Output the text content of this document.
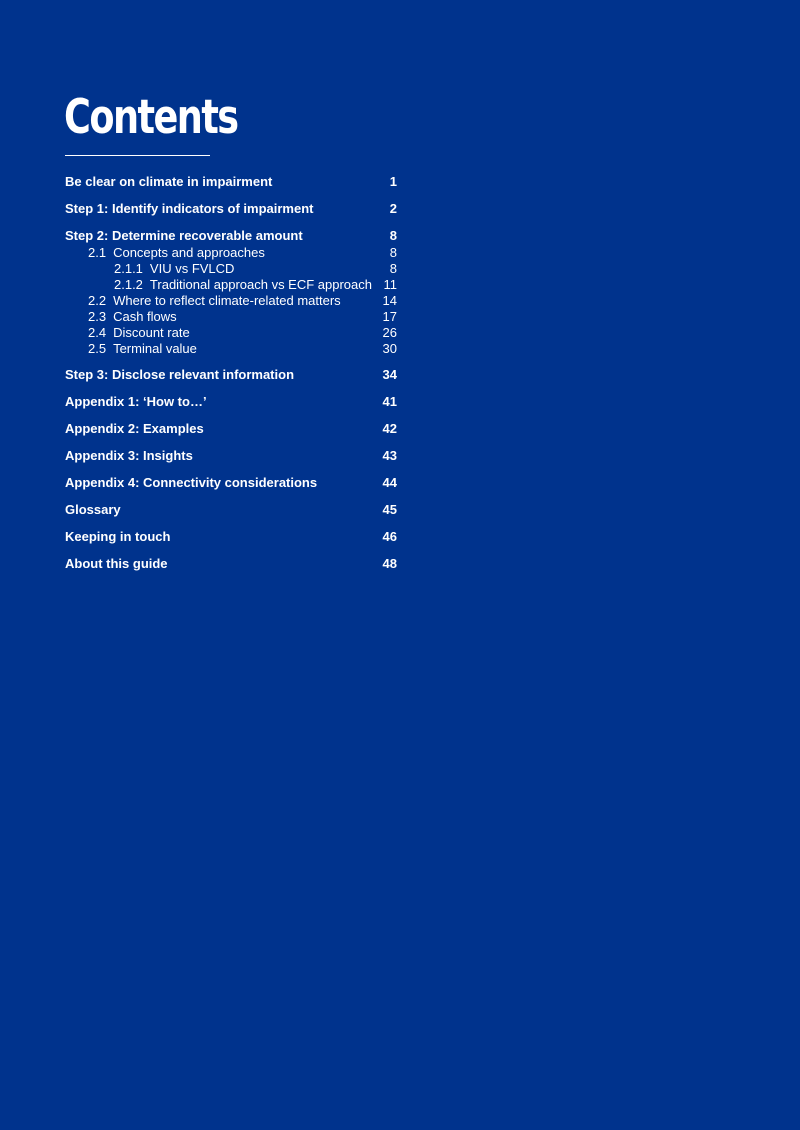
Contents
Be clear on climate in impairment	1
Step 1: Identify indicators of impairment	2
Step 2: Determine recoverable amount	8
2.1 Concepts and approaches	8
2.1.1 VIU vs FVLCD	8
2.1.2 Traditional approach vs ECF approach 11
2.2 Where to reflect climate-related matters	14
2.3 Cash flows	17
2.4 Discount rate	26
2.5 Terminal value	30
Step 3: Disclose relevant information	34
Appendix 1: ‘How to…’	41
Appendix 2: Examples	42
Appendix 3: Insights	43
Appendix 4: Connectivity considerations	44
Glossary	45
Keeping in touch	46
About this guide	48
